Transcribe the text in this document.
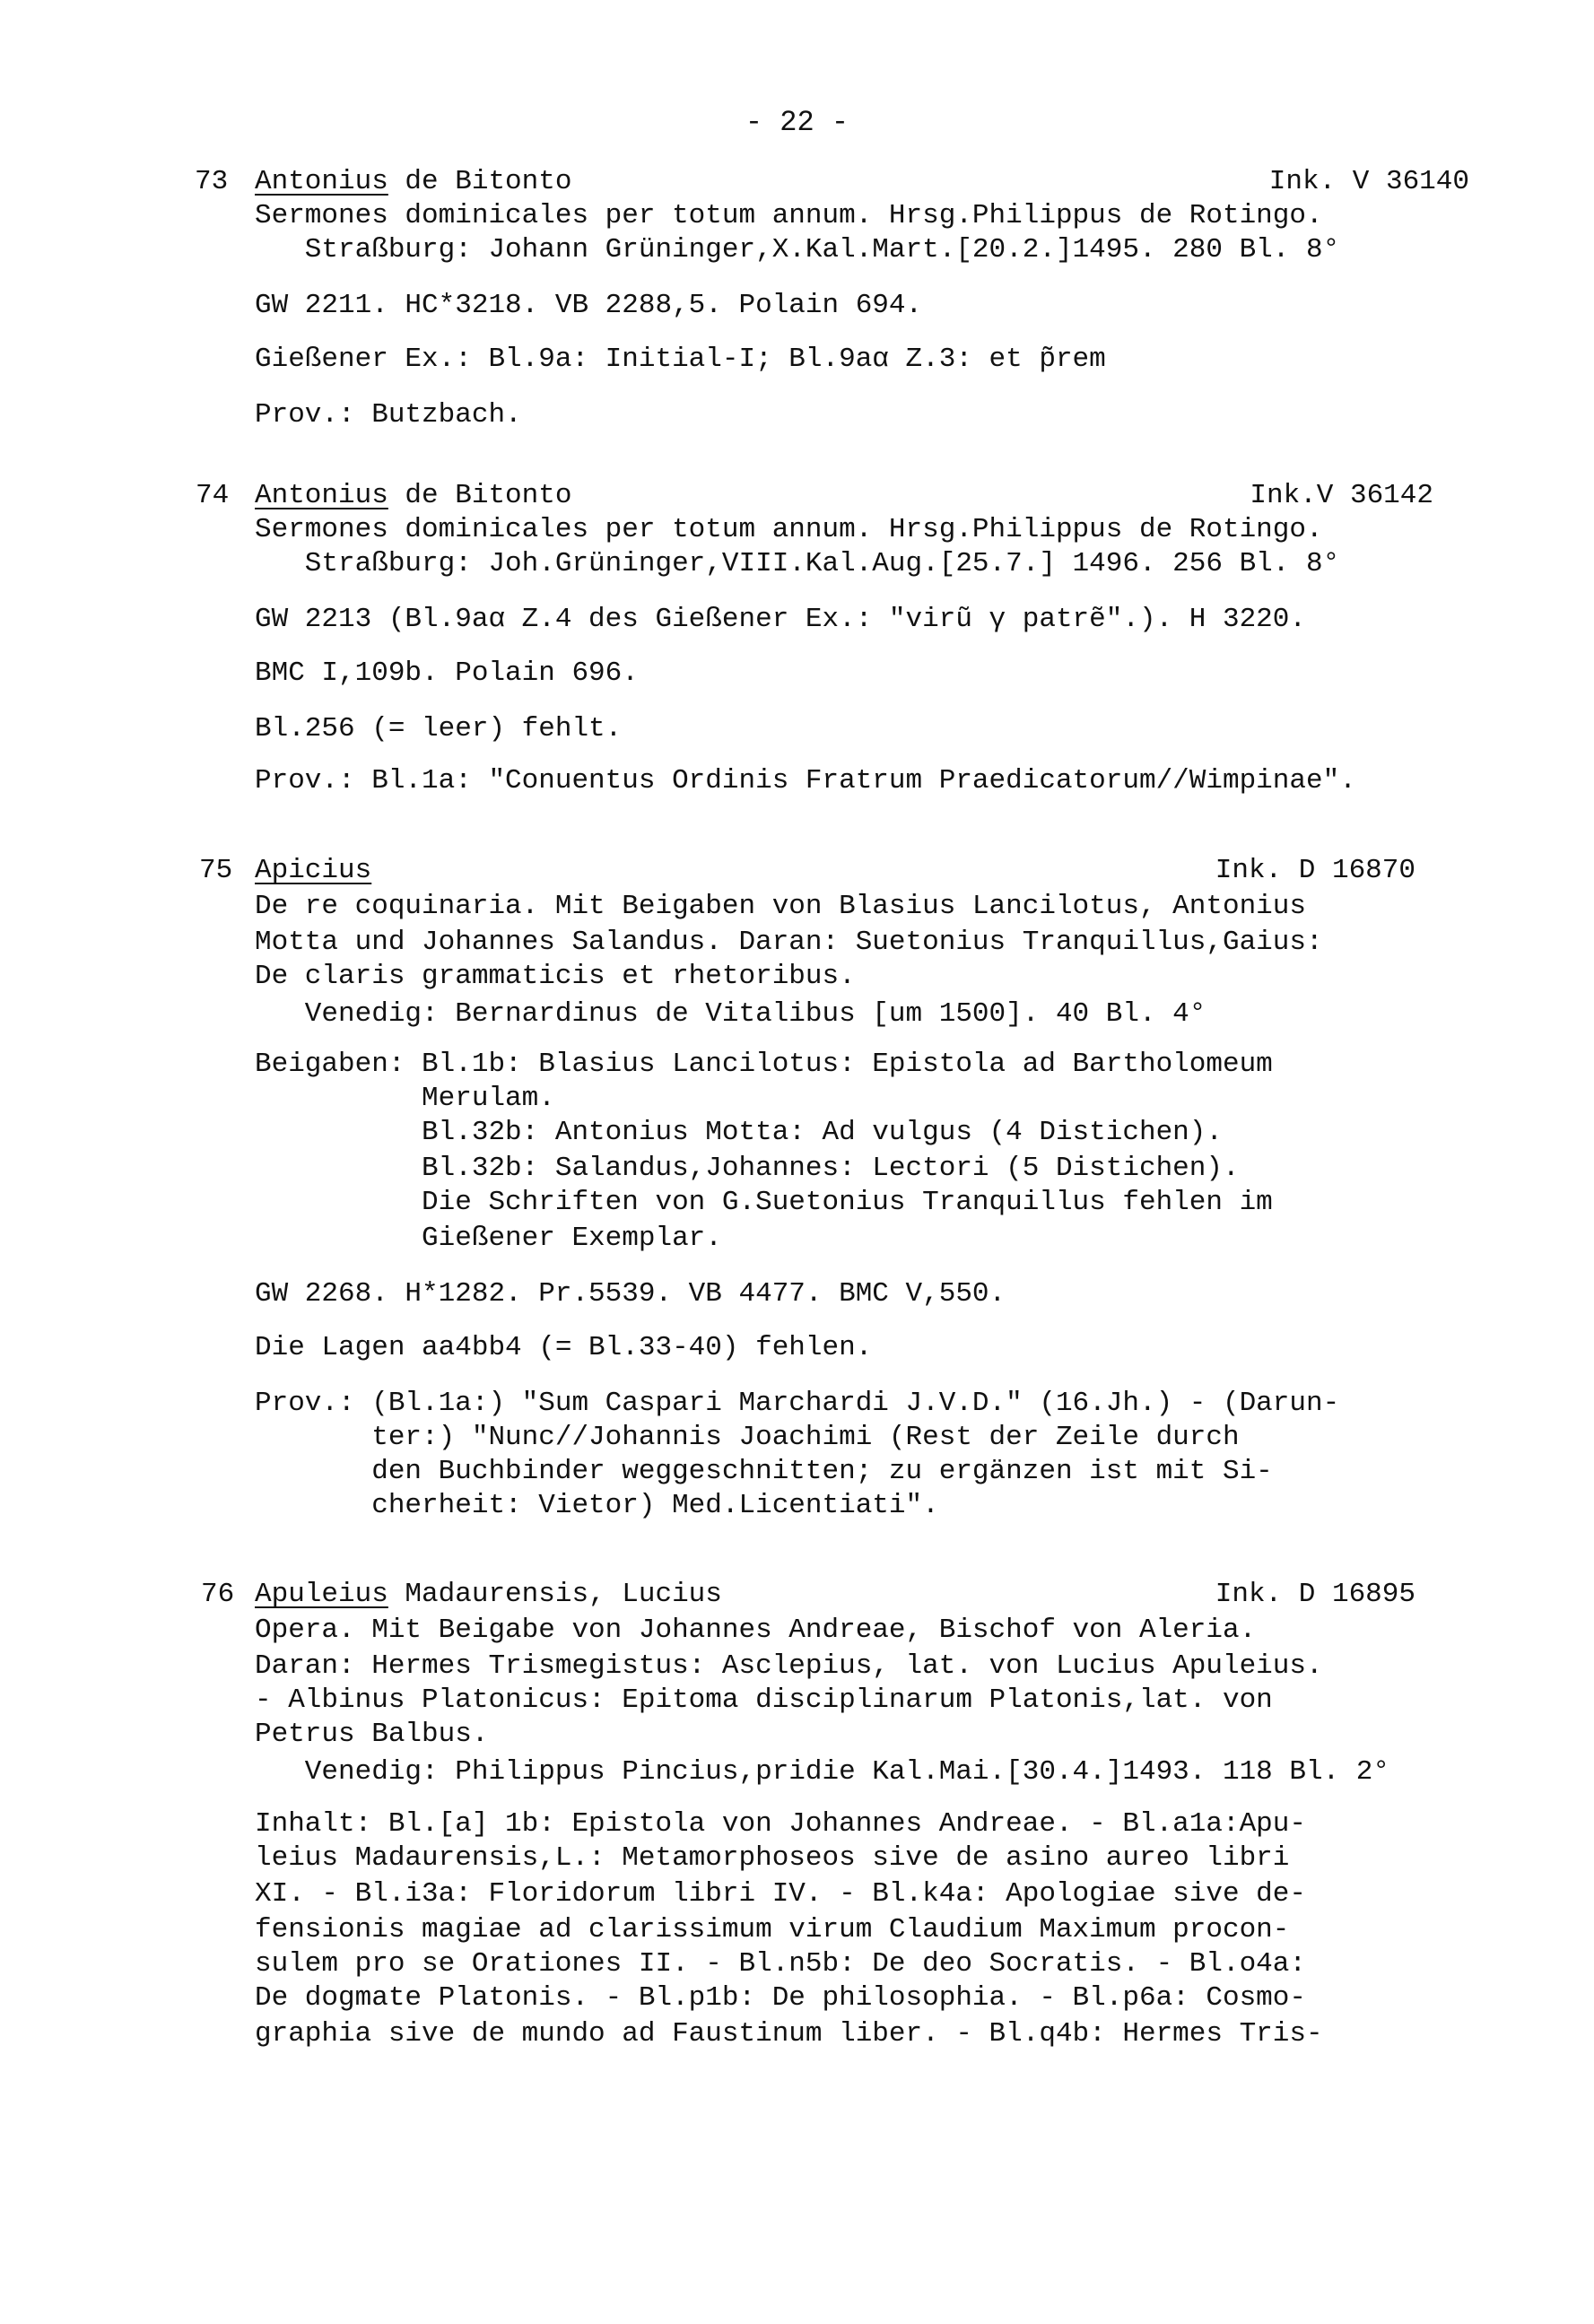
- 22 -
73 Antonius de Bitonto	Ink. V 36140
Sermones dominicales per totum annum. Hrsg.Philippus de Rotingo.
Straßburg: Johann Grüninger,X.Kal.Mart.[20.2.]1495. 280 Bl. 8°
GW 2211. HC*3218. VB 2288,5. Polain 694.
Gießener Ex.: Bl.9a: Initial-I; Bl.9aα Z.3: et p̃rem
Prov.: Butzbach.
74 Antonius de Bitonto	Ink.V 36142
Sermones dominicales per totum annum. Hrsg.Philippus de Rotingo.
Straßburg: Joh.Grüninger,VIII.Kal.Aug.[25.7.] 1496. 256 Bl. 8°
GW 2213 (Bl.9aα Z.4 des Gießener Ex.: "virũ γ patrẽ".). H 3220.
BMC I,109b. Polain 696.
Bl.256 (= leer) fehlt.
Prov.: Bl.1a: "Conuentus Ordinis Fratrum Praedicatorum//Wimpinae".
75 Apicius	Ink. D 16870
De re coquinaria. Mit Beigaben von Blasius Lancilotus, Antonius
Motta und Johannes Salandus. Daran: Suetonius Tranquillus,Gaius:
De claris grammaticis et rhetoribus.
Venedig: Bernardinus de Vitalibus [um 1500]. 40 Bl. 4°
Beigaben: Bl.1b: Blasius Lancilotus: Epistola ad Bartholomeum
Merulam.
Bl.32b: Antonius Motta: Ad vulgus (4 Distichen).
Bl.32b: Salandus,Johannes: Lectori (5 Distichen).
Die Schriften von G.Suetonius Tranquillus fehlen im
Gießener Exemplar.
GW 2268. H*1282. Pr.5539. VB 4477. BMC V,550.
Die Lagen aa4bb4 (= Bl.33-40) fehlen.
Prov.: (Bl.1a:) "Sum Caspari Marchardi J.V.D." (16.Jh.) - (Darun-
ter:) "Nunc//Johannis Joachimi (Rest der Zeile durch
den Buchbinder weggeschnitten; zu ergänzen ist mit Si-
cherheit: Vietor) Med.Licentiati".
76 Apuleius Madaurensis, Lucius	Ink. D 16895
Opera. Mit Beigabe von Johannes Andreae, Bischof von Aleria.
Daran: Hermes Trismegistus: Asclepius, lat. von Lucius Apuleius.
- Albinus Platonicus: Epitoma disciplinarum Platonis,lat. von
Petrus Balbus.
Venedig: Philippus Pincius,pridie Kal.Mai.[30.4.]1493. 118 Bl. 2°
Inhalt: Bl.[a] 1b: Epistola von Johannes Andreae. - Bl.a1a:Apu-
leius Madaurensis,L.: Metamorphoseos sive de asino aureo libri
XI. - Bl.i3a: Floridorum libri IV. - Bl.k4a: Apologiae sive de-
fensionis magiae ad clarissimum virum Claudium Maximum procon-
sulem pro se Orationes II. - Bl.n5b: De deo Socratis. - Bl.o4a:
De dogmate Platonis. - Bl.p1b: De philosophia. - Bl.p6a: Cosmo-
graphia sive de mundo ad Faustinum liber. - Bl.q4b: Hermes Tris-
